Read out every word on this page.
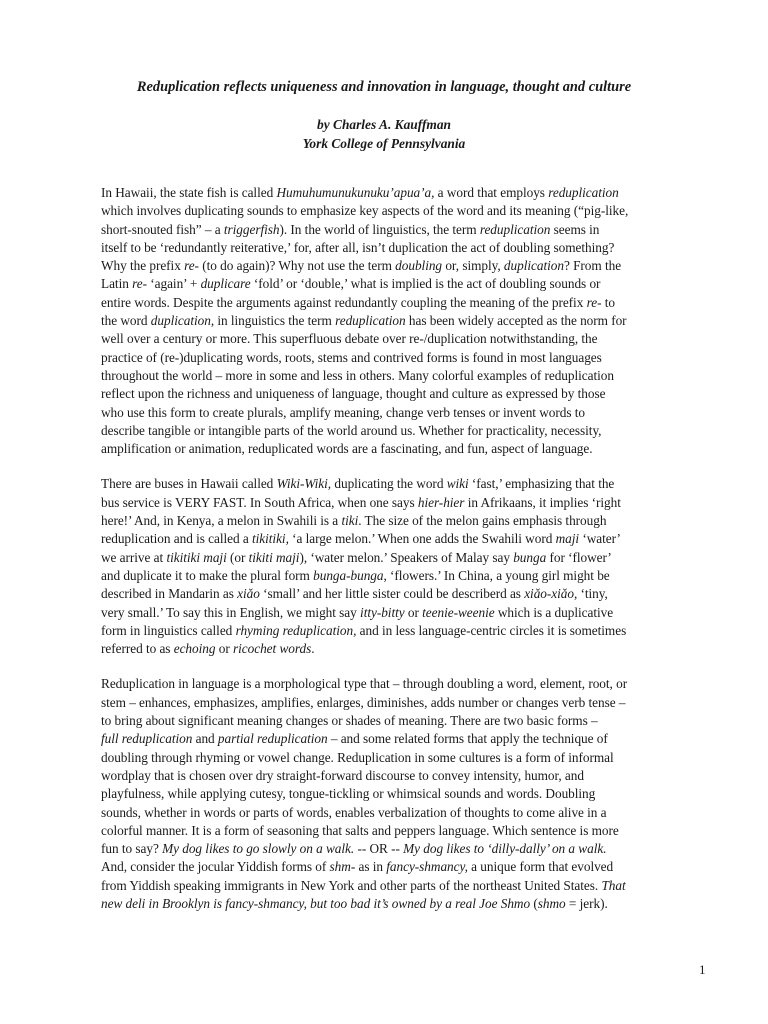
Reduplication reflects uniqueness and innovation in language, thought and culture
by Charles A. Kauffman
York College of Pennsylvania
In Hawaii, the state fish is called Humuhumunukunuku’apua’a, a word that employs reduplication
which involves duplicating sounds to emphasize key aspects of the word and its meaning (“pig-like,
short-snouted fish” – a triggerfish). In the world of linguistics, the term reduplication seems in
itself to be ‘redundantly reiterative,’ for, after all, isn’t duplication the act of doubling something?
Why the prefix re- (to do again)? Why not use the term doubling or, simply, duplication? From the
Latin re- ‘again’ + duplicare ‘fold’ or ‘double,’ what is implied is the act of doubling sounds or
entire words. Despite the arguments against redundantly coupling the meaning of the prefix re- to
the word duplication, in linguistics the term reduplication has been widely accepted as the norm for
well over a century or more. This superfluous debate over re-/duplication notwithstanding, the
practice of (re-)duplicating words, roots, stems and contrived forms is found in most languages
throughout the world – more in some and less in others. Many colorful examples of reduplication
reflect upon the richness and uniqueness of language, thought and culture as expressed by those
who use this form to create plurals, amplify meaning, change verb tenses or invent words to
describe tangible or intangible parts of the world around us. Whether for practicality, necessity,
amplification or animation, reduplicated words are a fascinating, and fun, aspect of language.
There are buses in Hawaii called Wiki-Wiki, duplicating the word wiki ‘fast,’ emphasizing that the
bus service is VERY FAST. In South Africa, when one says hier-hier in Afrikaans, it implies ‘right
here!’ And, in Kenya, a melon in Swahili is a tiki. The size of the melon gains emphasis through
reduplication and is called a tikitiki, ‘a large melon.’ When one adds the Swahili word maji ‘water’
we arrive at tikitiki maji (or tikiti maji), ‘water melon.’ Speakers of Malay say bunga for ‘flower’
and duplicate it to make the plural form bunga-bunga, ‘flowers.’ In China, a young girl might be
described in Mandarin as xiǎo ‘small’ and her little sister could be describerd as xiǎo-xiǎo, ‘tiny,
very small.’ To say this in English, we might say itty-bitty or teenie-weenie which is a duplicative
form in linguistics called rhyming reduplication, and in less language-centric circles it is sometimes
referred to as echoing or ricochet words.
Reduplication in language is a morphological type that – through doubling a word, element, root, or
stem – enhances, emphasizes, amplifies, enlarges, diminishes, adds number or changes verb tense –
to bring about significant meaning changes or shades of meaning. There are two basic forms –
full reduplication and partial reduplication – and some related forms that apply the technique of
doubling through rhyming or vowel change. Reduplication in some cultures is a form of informal
wordplay that is chosen over dry straight-forward discourse to convey intensity, humor, and
playfulness, while applying cutesy, tongue-tickling or whimsical sounds and words. Doubling
sounds, whether in words or parts of words, enables verbalization of thoughts to come alive in a
colorful manner. It is a form of seasoning that salts and peppers language. Which sentence is more
fun to say? My dog likes to go slowly on a walk. -- OR -- My dog likes to ‘dilly-dally’ on a walk.
And, consider the jocular Yiddish forms of shm- as in fancy-shmancy, a unique form that evolved
from Yiddish speaking immigrants in New York and other parts of the northeast United States. That
new deli in Brooklyn is fancy-shmancy, but too bad it’s owned by a real Joe Shmo (shmo = jerk).
1
